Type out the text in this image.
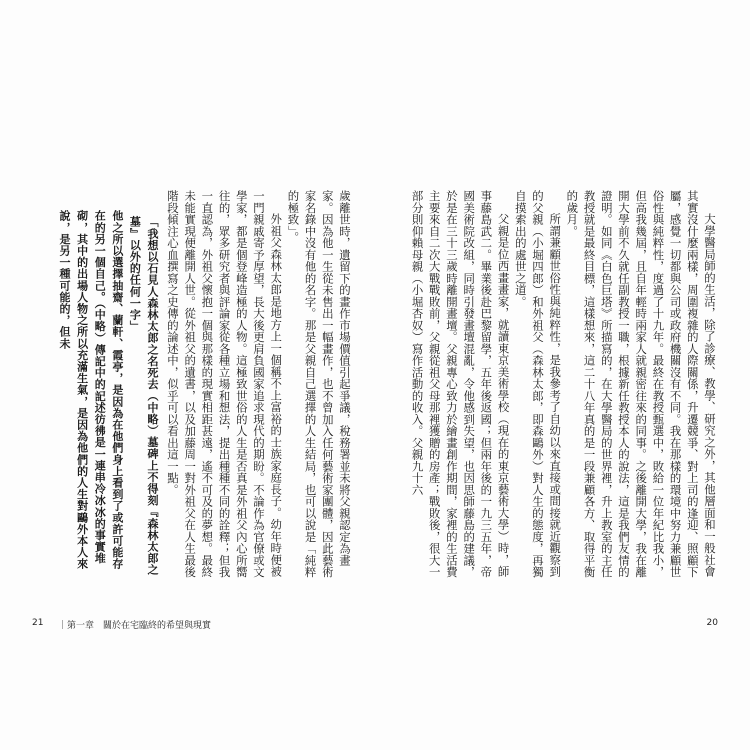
「我想以石見人森林太郎之名死去（中略）墓碑上不得刻『森林太郎之墓』以外的任何一字」

他之所以選擇抽齋、蘭軒、霞亭，是因為在他們身上看到了或許可能存在的另一個自己。（中略）傳記中的記述彷彿是一連串冷冰冰的事實堆砌，其中的出場人物之所以充滿生氣，是因為他們的人生對鷗外本人來說，是另一種可能的，但未	歲離世時，遺留下的畫作市場價值引起爭議，稅務署並未將父親認定為畫家。因為他一生從未售出一幅畫作，也不曾加入任何藝術家團體，因此藝術家名錄中沒有他的名字。那是父親自己選擇的人生結局，也可以說是「純粹的極致」。

外祖父森林太郎是地方上一個稱不上富裕的士族家庭長子。幼年時便被一門親戚寄予厚望，長大後更肩負國家追求現代的期盼。不論作為官僚或文學家，都是個登峰造極的人物。這極致世俗的人生是否真是外祖父內心所嚮往的，眾多研究者與評論家從各種立場和想法，提出種種不同的詮釋；但我一直認為，外祖父懷抱一個與那樣的現實相距甚遠，遙不可及的夢想。最終未能實現便離開人世。從外祖父的遺書，以及加藤周一對外祖父在人生最後階段傾注心血撰寫之史傳的論述中，似乎可以看出這一點。

21 ｜第一章　關於在宅臨終的希望與現實

大學醫局師的生活，除了診療、教學、研究之外，其他層面和一般社會其實沒什麼兩樣，周圍複雜的人際關係，升遷競爭、對上司的逢迎、照顧下屬，感覺一切都與公司或政府機關沒有不同。我在那樣的環境中努力兼顧世俗性與純粹性，度過了十九年。最終在教授甄選中，敗給一位年紀比我小，但高我幾屆，且自年輕時兩家人就親密往來的同事。之後離開大學，我在離開大學前不久就任副教授一職，根據新任教授本人的說法，這是我們友情的證明。如同《白色巨塔》所描寫的，在大學醫局的世界裡，升上教室的主任教授就是最終目標，這樣想來，這二十八年真的是一段兼顧各方、取得平衡的歲月。

所謂兼顧世俗性與純粹性，是我參考了自幼以來直接或間接就近觀察到的父親（小堀四郎）和外祖父（森林太郎，即森鷗外）對人生的態度，再獨自摸索出的處世之道。

父親是位西畫畫家，就讀東京美術學校（現在的東京藝術大學）時，師事藤島武二。畢業後赴巴黎留學，五年後返國；但兩年後的一九三五年，帝國美術院改組，同時引發畫壇混亂，令他感到失望，也因思師藤島的建議，於是在三十三歲時離開畫壇。父親專心致力於繪畫創作期間，家裡的生活費主要來自二次大戰戰敗前，父親從祖父母那裡獲贈的房產；戰敗後，很大一部分則仰賴母親（小堀杏奴）寫作活動的收入。父親九十六

20
